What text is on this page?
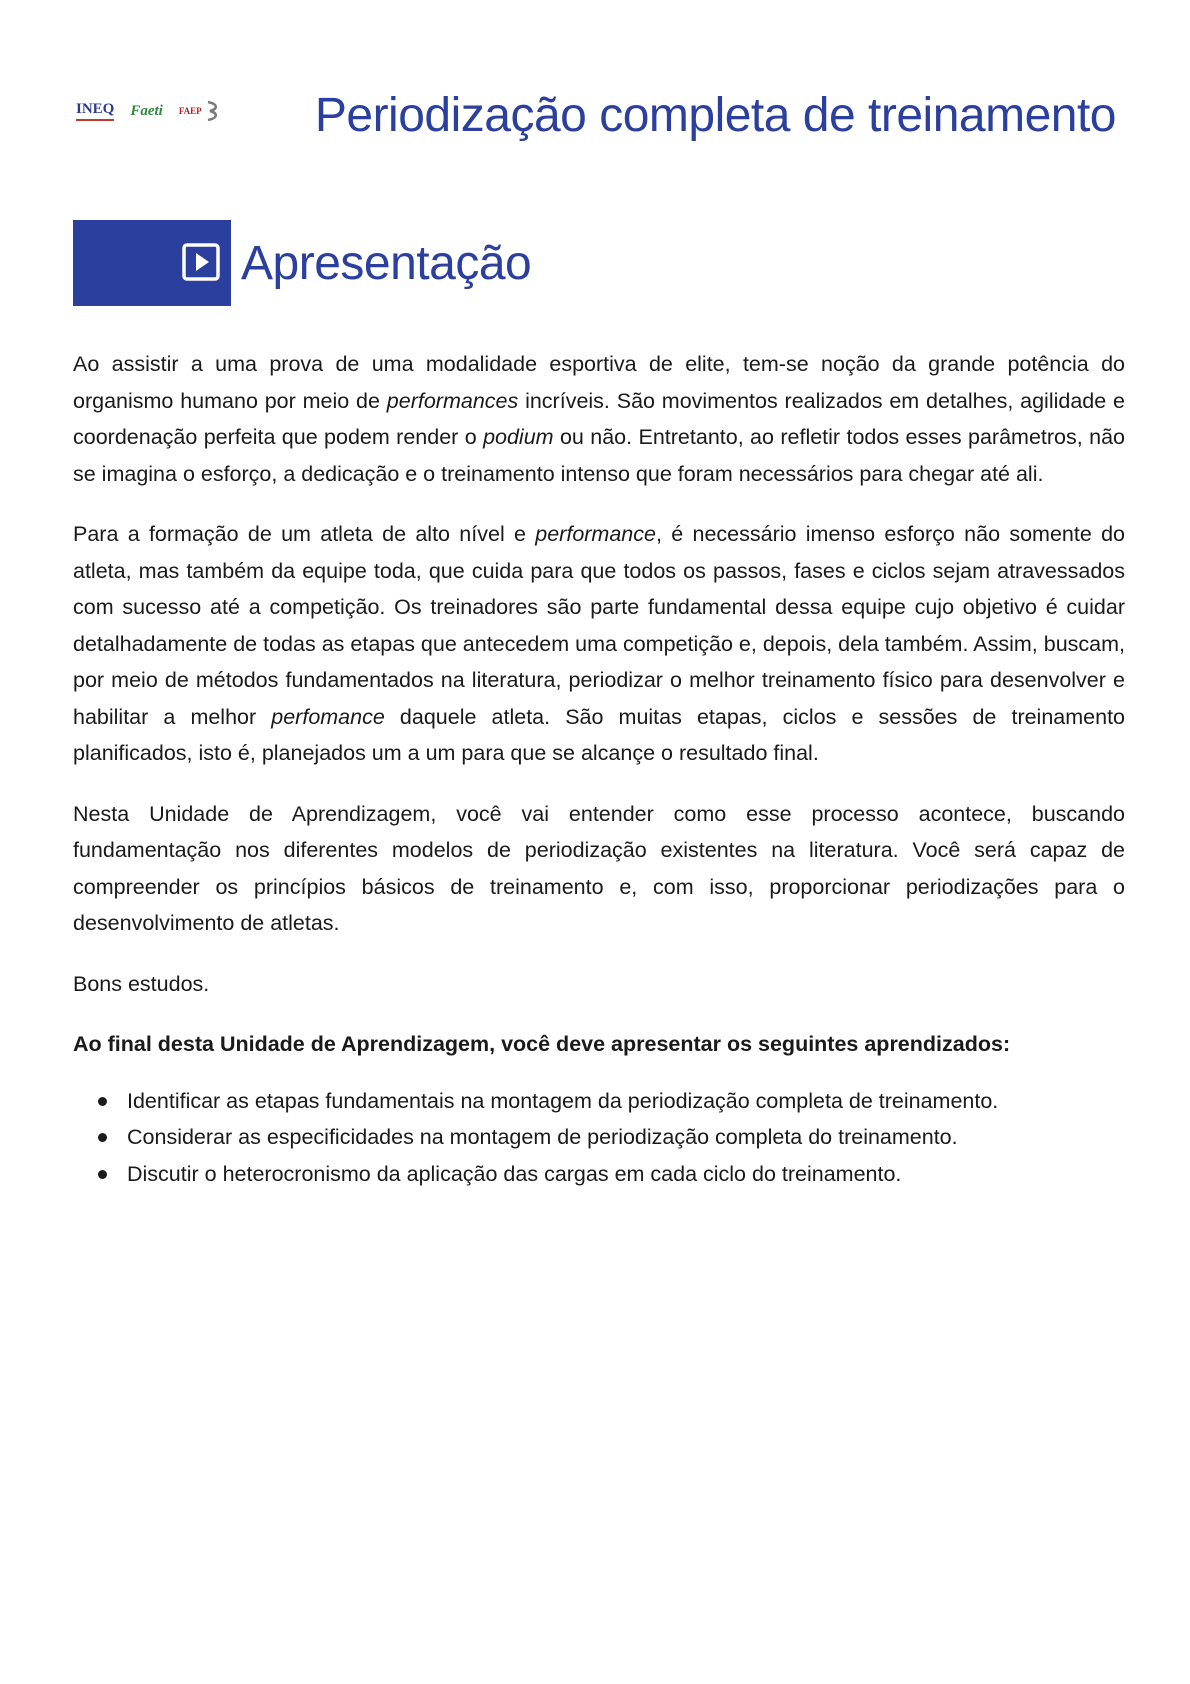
INEQ Faeti FAEP Periodização completa de treinamento
Apresentação

Ao assistir a uma prova de uma modalidade esportiva de elite, tem-se noção da grande potência do organismo humano por meio de performances incríveis. São movimentos realizados em detalhes, agilidade e coordenação perfeita que podem render o podium ou não. Entretanto, ao refletir todos esses parâmetros, não se imagina o esforço, a dedicação e o treinamento intenso que foram necessários para chegar até ali.

Para a formação de um atleta de alto nível e performance, é necessário imenso esforço não somente do atleta, mas também da equipe toda, que cuida para que todos os passos, fases e ciclos sejam atravessados com sucesso até a competição. Os treinadores são parte fundamental dessa equipe cujo objetivo é cuidar detalhadamente de todas as etapas que antecedem uma competição e, depois, dela também. Assim, buscam, por meio de métodos fundamentados na literatura, periodizar o melhor treinamento físico para desenvolver e habilitar a melhor perfomance daquele atleta. São muitas etapas, ciclos e sessões de treinamento planificados, isto é, planejados um a um para que se alcançe o resultado final.

Nesta Unidade de Aprendizagem, você vai entender como esse processo acontece, buscando fundamentação nos diferentes modelos de periodização existentes na literatura. Você será capaz de compreender os princípios básicos de treinamento e, com isso, proporcionar periodizações para o desenvolvimento de atletas.

Bons estudos.

Ao final desta Unidade de Aprendizagem, você deve apresentar os seguintes aprendizados:

Identificar as etapas fundamentais na montagem da periodização completa de treinamento.
Considerar as especificidades na montagem de periodização completa do treinamento.
Discutir o heterocronismo da aplicação das cargas em cada ciclo do treinamento.
